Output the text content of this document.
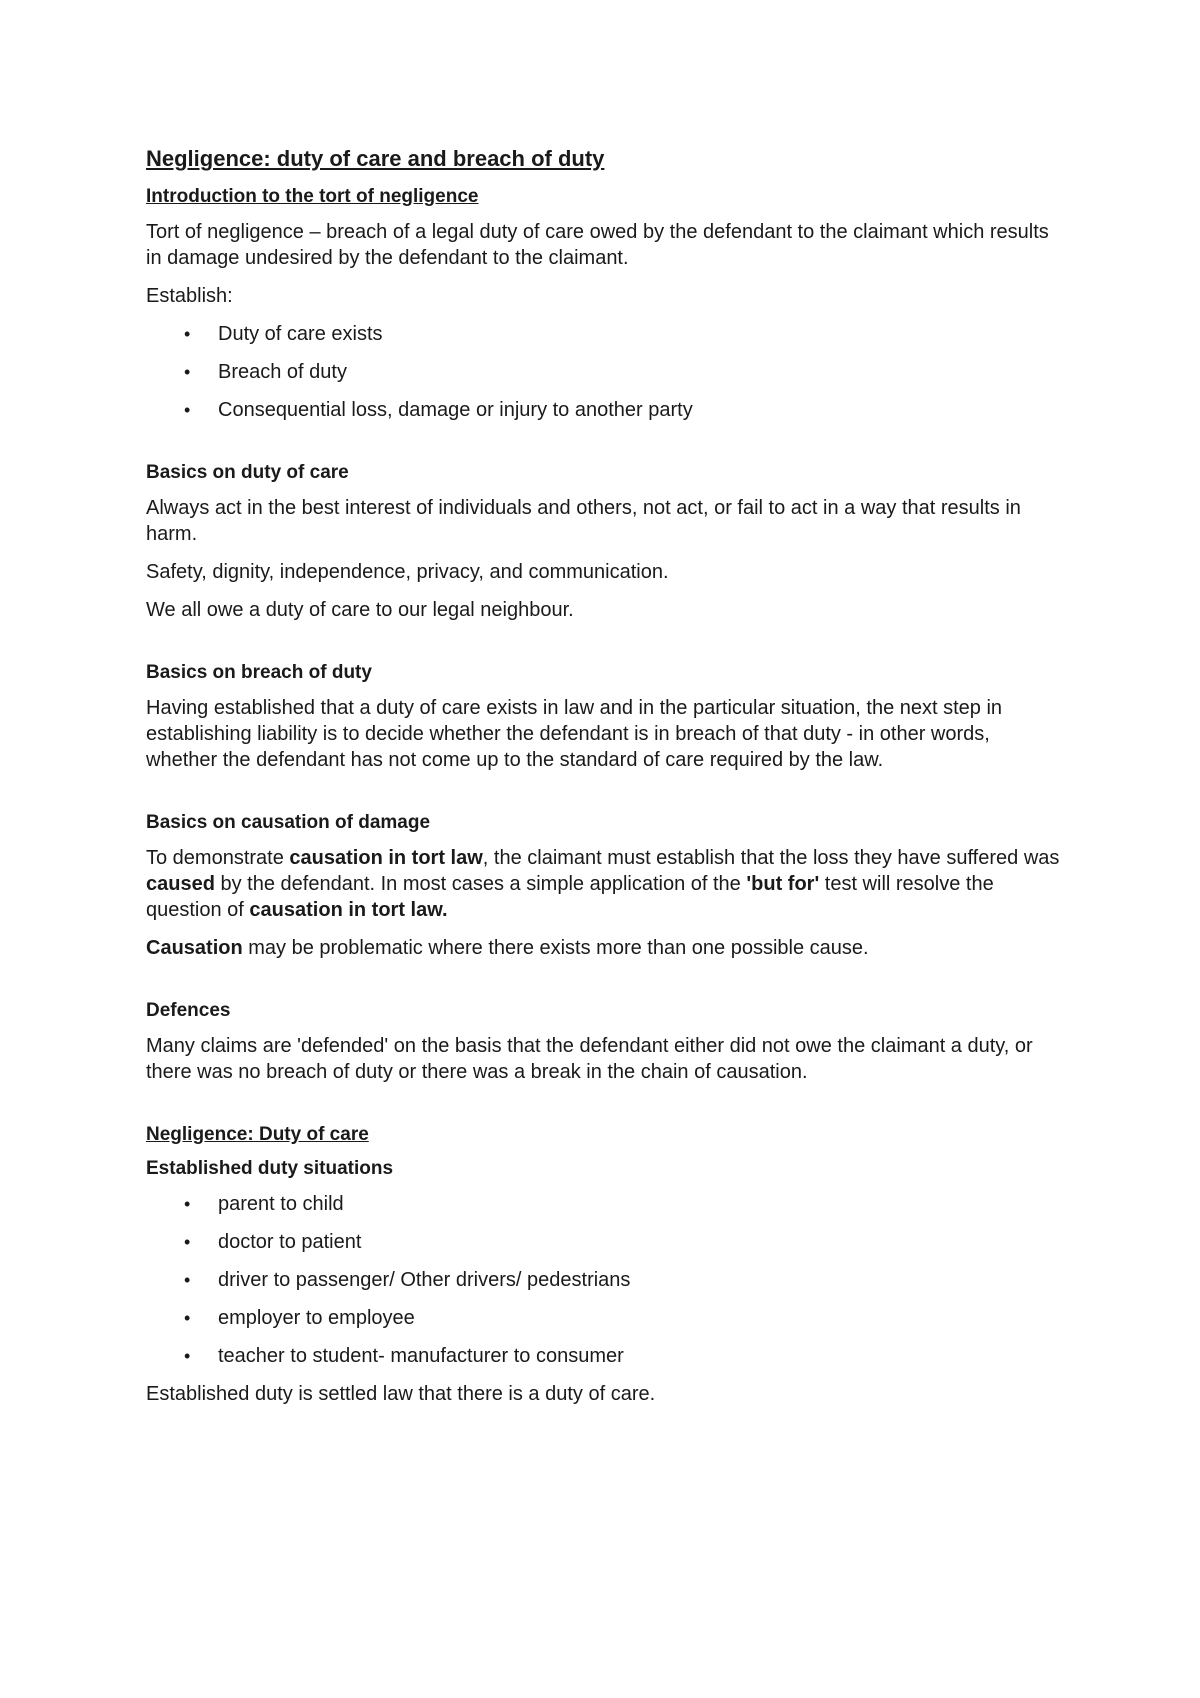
Negligence: duty of care and breach of duty
Introduction to the tort of negligence

Tort of negligence – breach of a legal duty of care owed by the defendant to the claimant which results in damage undesired by the defendant to the claimant.

Establish:

• Duty of care exists
• Breach of duty
• Consequential loss, damage or injury to another party
Basics on duty of care

Always act in the best interest of individuals and others, not act, or fail to act in a way that results in harm.

Safety, dignity, independence, privacy, and communication.

We all owe a duty of care to our legal neighbour.

Basics on breach of duty

Having established that a duty of care exists in law and in the particular situation, the next step in establishing liability is to decide whether the defendant is in breach of that duty - in other words, whether the defendant has not come up to the standard of care required by the law.

Basics on causation of damage

To demonstrate causation in tort law, the claimant must establish that the loss they have suffered was caused by the defendant. In most cases a simple application of the 'but for' test will resolve the question of causation in tort law.

Causation may be problematic where there exists more than one possible cause.

Defences

Many claims are 'defended' on the basis that the defendant either did not owe the claimant a duty, or there was no breach of duty or there was a break in the chain of causation.

Negligence: Duty of care
Established duty situations
• parent to child
• doctor to patient
• driver to passenger/ Other drivers/ pedestrians
• employer to employee
• teacher to student- manufacturer to consumer

Established duty is settled law that there is a duty of care.
